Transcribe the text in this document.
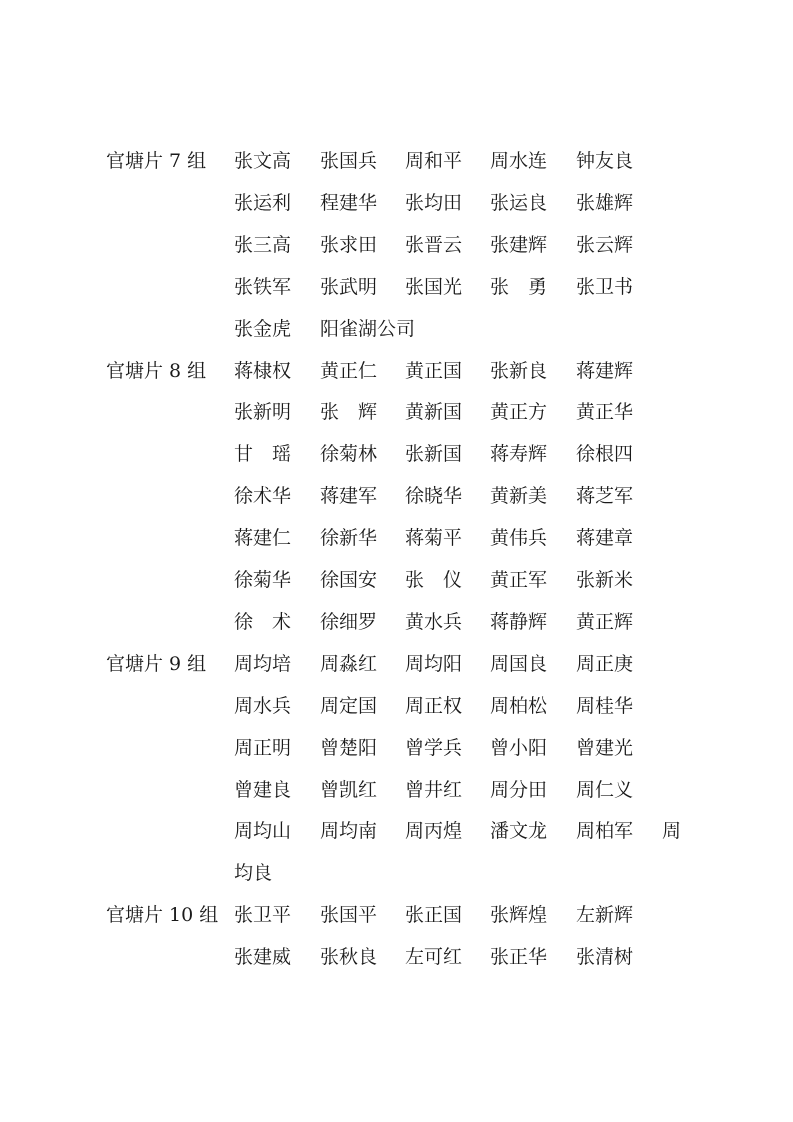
官塘片 7 组 张文高 张国兵 周和平 周水连 钟友良
张运利 程建华 张均田 张运良 张雄辉
张三高 张求田 张晋云 张建辉 张云辉
张铁军 张武明 张国光 张　勇 张卫书
张金虎 阳雀湖公司
官塘片 8 组 蒋棣权 黄正仁 黄正国 张新良 蒋建辉
张新明 张　辉 黄新国 黄正方 黄正华
甘　瑶 徐菊林 张新国 蒋寿辉 徐根四
徐术华 蒋建军 徐晓华 黄新美 蒋芝军
蒋建仁 徐新华 蒋菊平 黄伟兵 蒋建章
徐菊华 徐国安 张　仪 黄正军 张新米
徐　术 徐细罗 黄水兵 蒋静辉 黄正辉
官塘片 9 组 周均培 周淼红 周均阳 周国良 周正庚
周水兵 周定国 周正权 周柏松 周桂华
周正明 曾楚阳 曾学兵 曾小阳 曾建光
曾建良 曾凯红 曾井红 周分田 周仁义
周均山 周均南 周丙煌 潘文龙 周柏军 周
均良
官塘片 10 组 张卫平 张国平 张正国 张辉煌 左新辉
张建威 张秋良 左可红 张正华 张清树
